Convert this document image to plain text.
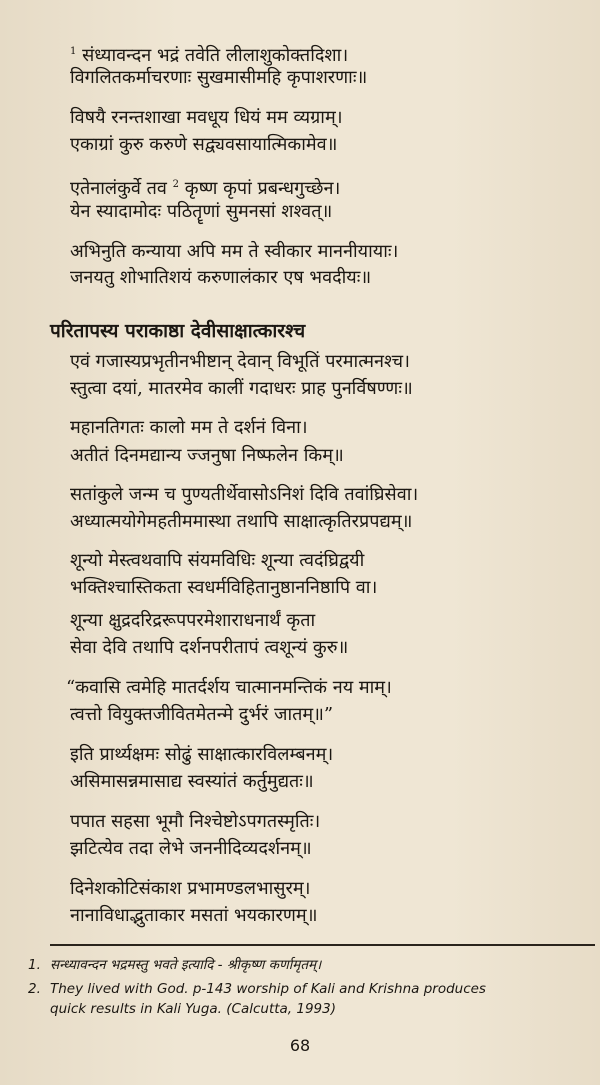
$^1$ संध्यावन्दन भद्रं तवेति लीलाशुकोक्तदिशा।
विगलितकर्माचरणाः सुखमासीमहि कृपाशरणाः॥
विषयै रनन्तशाखा मवधूय धियं मम व्यग्राम्।
एकाग्रां कुरु करुणे सद्व्यवसायात्मिकामेव॥
एतेनालंकुर्वे तव $^2$ कृष्ण कृपां प्रबन्धगुच्छेन।
येन स्यादामोदः पठितॄणां सुमनसां शश्वत्॥
अभिनुति कन्याया अपि मम ते स्वीकार माननीयायाः।
जनयतु शोभातिशयं करुणालंकार एष भवदीयः॥
परितापस्य पराकाष्ठा देवीसाक्षात्कारश्च
एवं गजास्यप्रभृतीनभीष्टान् देवान् विभूतिं परमात्मनश्च।
स्तुत्वा दयां, मातरमेव कालीं गदाधरः प्राह पुनर्विषण्णः॥
महानतिगतः कालो मम ते दर्शनं विना।
अतीतं दिनमद्यान्य ज्जनुषा निष्फलेन किम्॥
सतांकुले जन्म च पुण्यतीर्थेवासोऽनिशं दिवि तवांघ्रिसेवा।
अध्यात्मयोगेमहतीममास्था तथापि साक्षात्कृतिरप्रपद्यम्॥
शून्यो मेस्त्वथवापि संयमविधिः शून्या त्वदंघ्रिद्वयी
भक्तिश्चास्तिकता स्वधर्मविहितानुष्ठाननिष्ठापि वा।
शून्या क्षुद्रदरिद्ररूपपरमेशाराधनार्थं कृता
सेवा देवि तथापि दर्शनपरीतापं त्वशून्यं कुरु॥
“कवासि त्वमेहि मातर्दर्शय चात्मानमन्तिकं नय माम्।
त्वत्तो वियुक्तजीवितमेतन्मे दुर्भरं जातम्॥”
इति प्रार्थ्यक्षमः सोढुं साक्षात्कारविलम्बनम्।
असिमासन्नमासाद्य स्वस्यांतं कर्तुमुद्यतः॥
पपात सहसा भूमौ निश्चेष्टोऽपगतस्मृतिः।
झटित्येव तदा लेभे जननीदिव्यदर्शनम्॥
दिनेशकोटिसंकाश प्रभामण्डलभासुरम्।
नानाविधाद्भुताकार मसतां भयकारणम्॥
1. सन्ध्यावन्दन भद्रमस्तु भवते इत्यादि - श्रीकृष्ण कर्णामृतम्।
2. They lived with God. p-143 worship of Kali and Krishna produces
quick results in Kali Yuga. (Calcutta, 1993)
68
